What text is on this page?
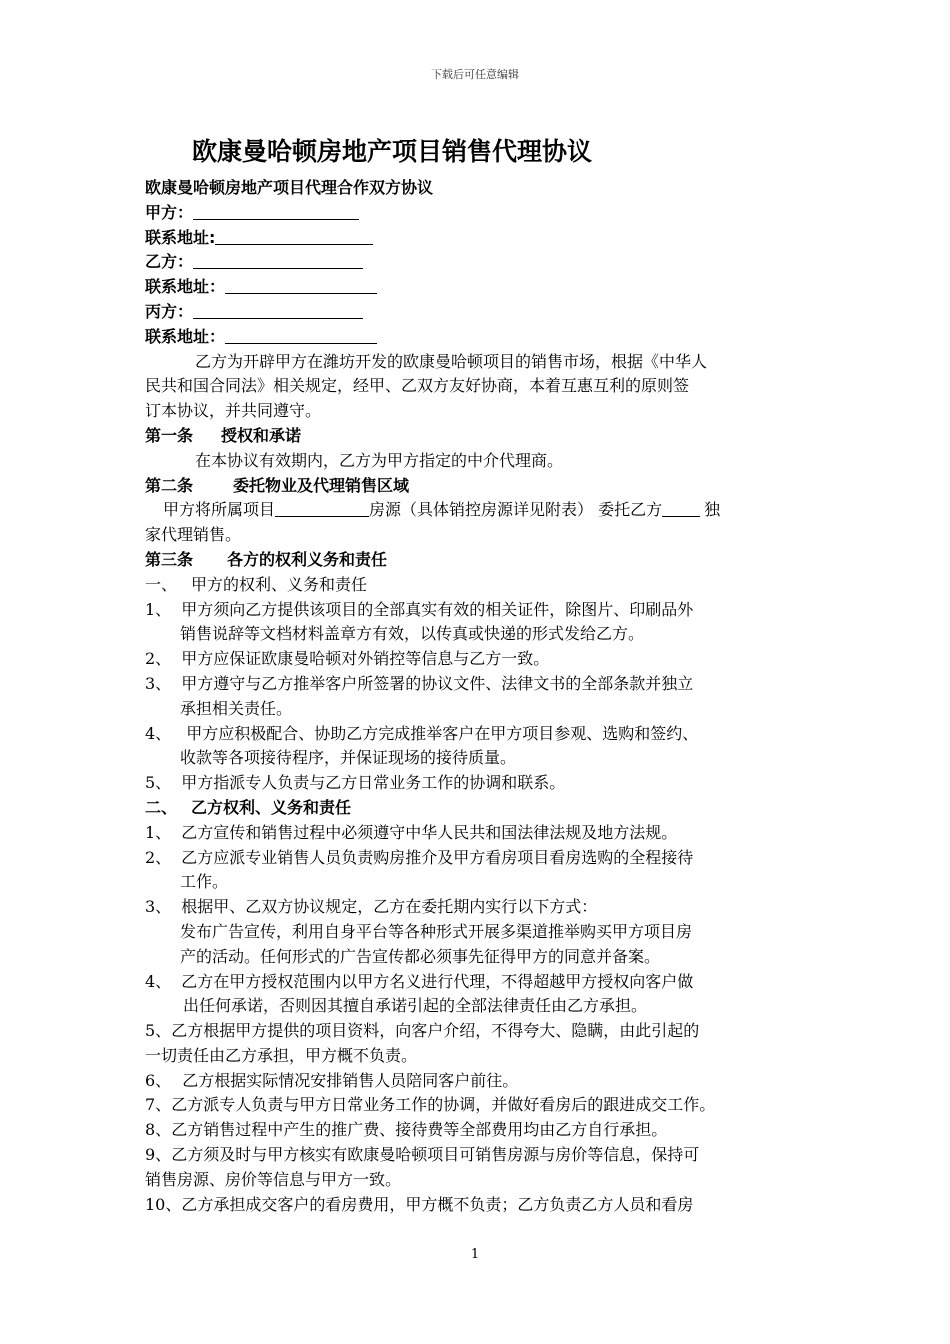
下载后可任意编辑
欧康曼哈顿房地产项目销售代理协议

欧康曼哈顿房地产项目代理合作双方协议

甲方：

联系地址:

乙方：

联系地址：

丙方：

联系地址：

乙方为开辟甲方在潍坊开发的欧康曼哈顿项目的销售市场，根据《中华人

民共和国合同法》相关规定，经甲、乙双方友好协商，本着互惠互利的原则签

订本协议，并共同遵守。

第一条 授权和承诺

在本协议有效期内，乙方为甲方指定的中介代理商。

第二条	委托物业及代理销售区域

甲方将所属项目	房源（具体销控房源详见附表） 委托乙方	独

家代理销售。

第三条 各方的权利义务和责任

一、 甲方的权利、义务和责任

1、 甲方须向乙方提供该项目的全部真实有效的相关证件，除图片、印刷品外

销售说辞等文档材料盖章方有效，以传真或快递的形式发给乙方。

2、 甲方应保证欧康曼哈顿对外销控等信息与乙方一致。

3、 甲方遵守与乙方推举客户所签署的协议文件、法律文书的全部条款并独立

承担相关责任。

4、 甲方应积极配合、协助乙方完成推举客户在甲方项目参观、选购和签约、

收款等各项接待程序，并保证现场的接待质量。

5、 甲方指派专人负责与乙方日常业务工作的协调和联系。

二、 乙方权利、义务和责任

1、 乙方宣传和销售过程中必须遵守中华人民共和国法律法规及地方法规。

2、 乙方应派专业销售人员负责购房推介及甲方看房项目看房选购的全程接待

工作。

3、 根据甲、乙双方协议规定，乙方在委托期内实行以下方式：

发布广告宣传，利用自身平台等各种形式开展多渠道推举购买甲方项目房

产的活动。任何形式的广告宣传都必须事先征得甲方的同意并备案。

4、 乙方在甲方授权范围内以甲方名义进行代理，不得超越甲方授权向客户做

出任何承诺，否则因其擅自承诺引起的全部法律责任由乙方承担。

5、乙方根据甲方提供的项目资料，向客户介绍，不得夸大、隐瞒，由此引起的

一切责任由乙方承担，甲方概不负责。

6、 乙方根据实际情况安排销售人员陪同客户前往。

7、乙方派专人负责与甲方日常业务工作的协调，并做好看房后的跟进成交工作。

8、乙方销售过程中产生的推广费、接待费等全部费用均由乙方自行承担。

9、乙方须及时与甲方核实有欧康曼哈顿项目可销售房源与房价等信息，保持可

销售房源、房价等信息与甲方一致。

10、乙方承担成交客户的看房费用，甲方概不负责；乙方负责乙方人员和看房

1
